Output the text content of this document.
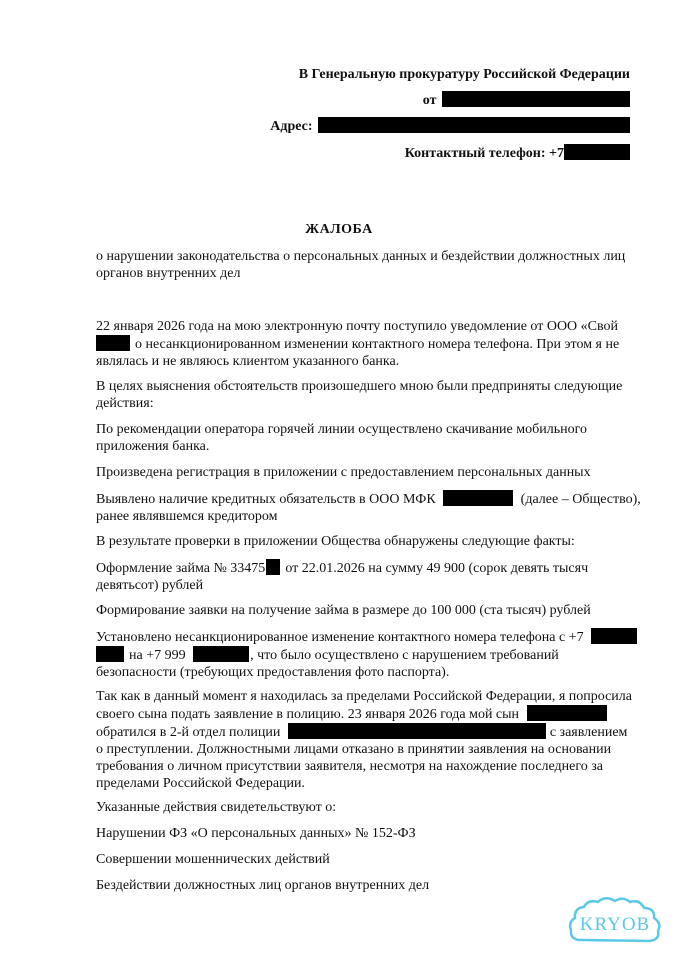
В Генеральную прокуратуру Российской Федерации
от
Адрес:
Контактный телефон: +7
ЖАЛОБА
о нарушении законодательства о персональных данных и бездействии должностных лиц
органов внутренних дел
22 января 2026 года на мою электронную почту поступило уведомление от ООО «Свой
о несанкционированном изменении контактного номера телефона. При этом я не
являлась и не являюсь клиентом указанного банка.
В целях выяснения обстоятельств произошедшего мною были предприняты следующие
действия:
По рекомендации оператора горячей линии осуществлено скачивание мобильного
приложения банка.
Произведена регистрация в приложении с предоставлением персональных данных
Выявлено наличие кредитных обязательств в ООО МФК	(далее – Общество),
ранее являвшемся кредитором
В результате проверки в приложении Общества обнаружены следующие факты:
Оформление займа № 33475 от 22.01.2026 на сумму 49 900 (сорок девять тысяч
девятьсот) рублей
Формирование заявки на получение займа в размере до 100 000 (ста тысяч) рублей
Установлено несанкционированное изменение контактного номера телефона с +7
на +7 999	, что было осуществлено с нарушением требований
безопасности (требующих предоставления фото паспорта).
Так как в данный момент я находилась за пределами Российской Федерации, я попросила
своего сына подать заявление в полицию. 23 января 2026 года мой сын
обратился в 2-й отдел полиции	с заявлением
о преступлении. Должностными лицами отказано в принятии заявления на основании
требования о личном присутствии заявителя, несмотря на нахождение последнего за
пределами Российской Федерации.
Указанные действия свидетельствуют о:
Нарушении ФЗ «О персональных данных» № 152-ФЗ
Совершении мошеннических действий
Бездействии должностных лиц органов внутренних дел
KRYOB
